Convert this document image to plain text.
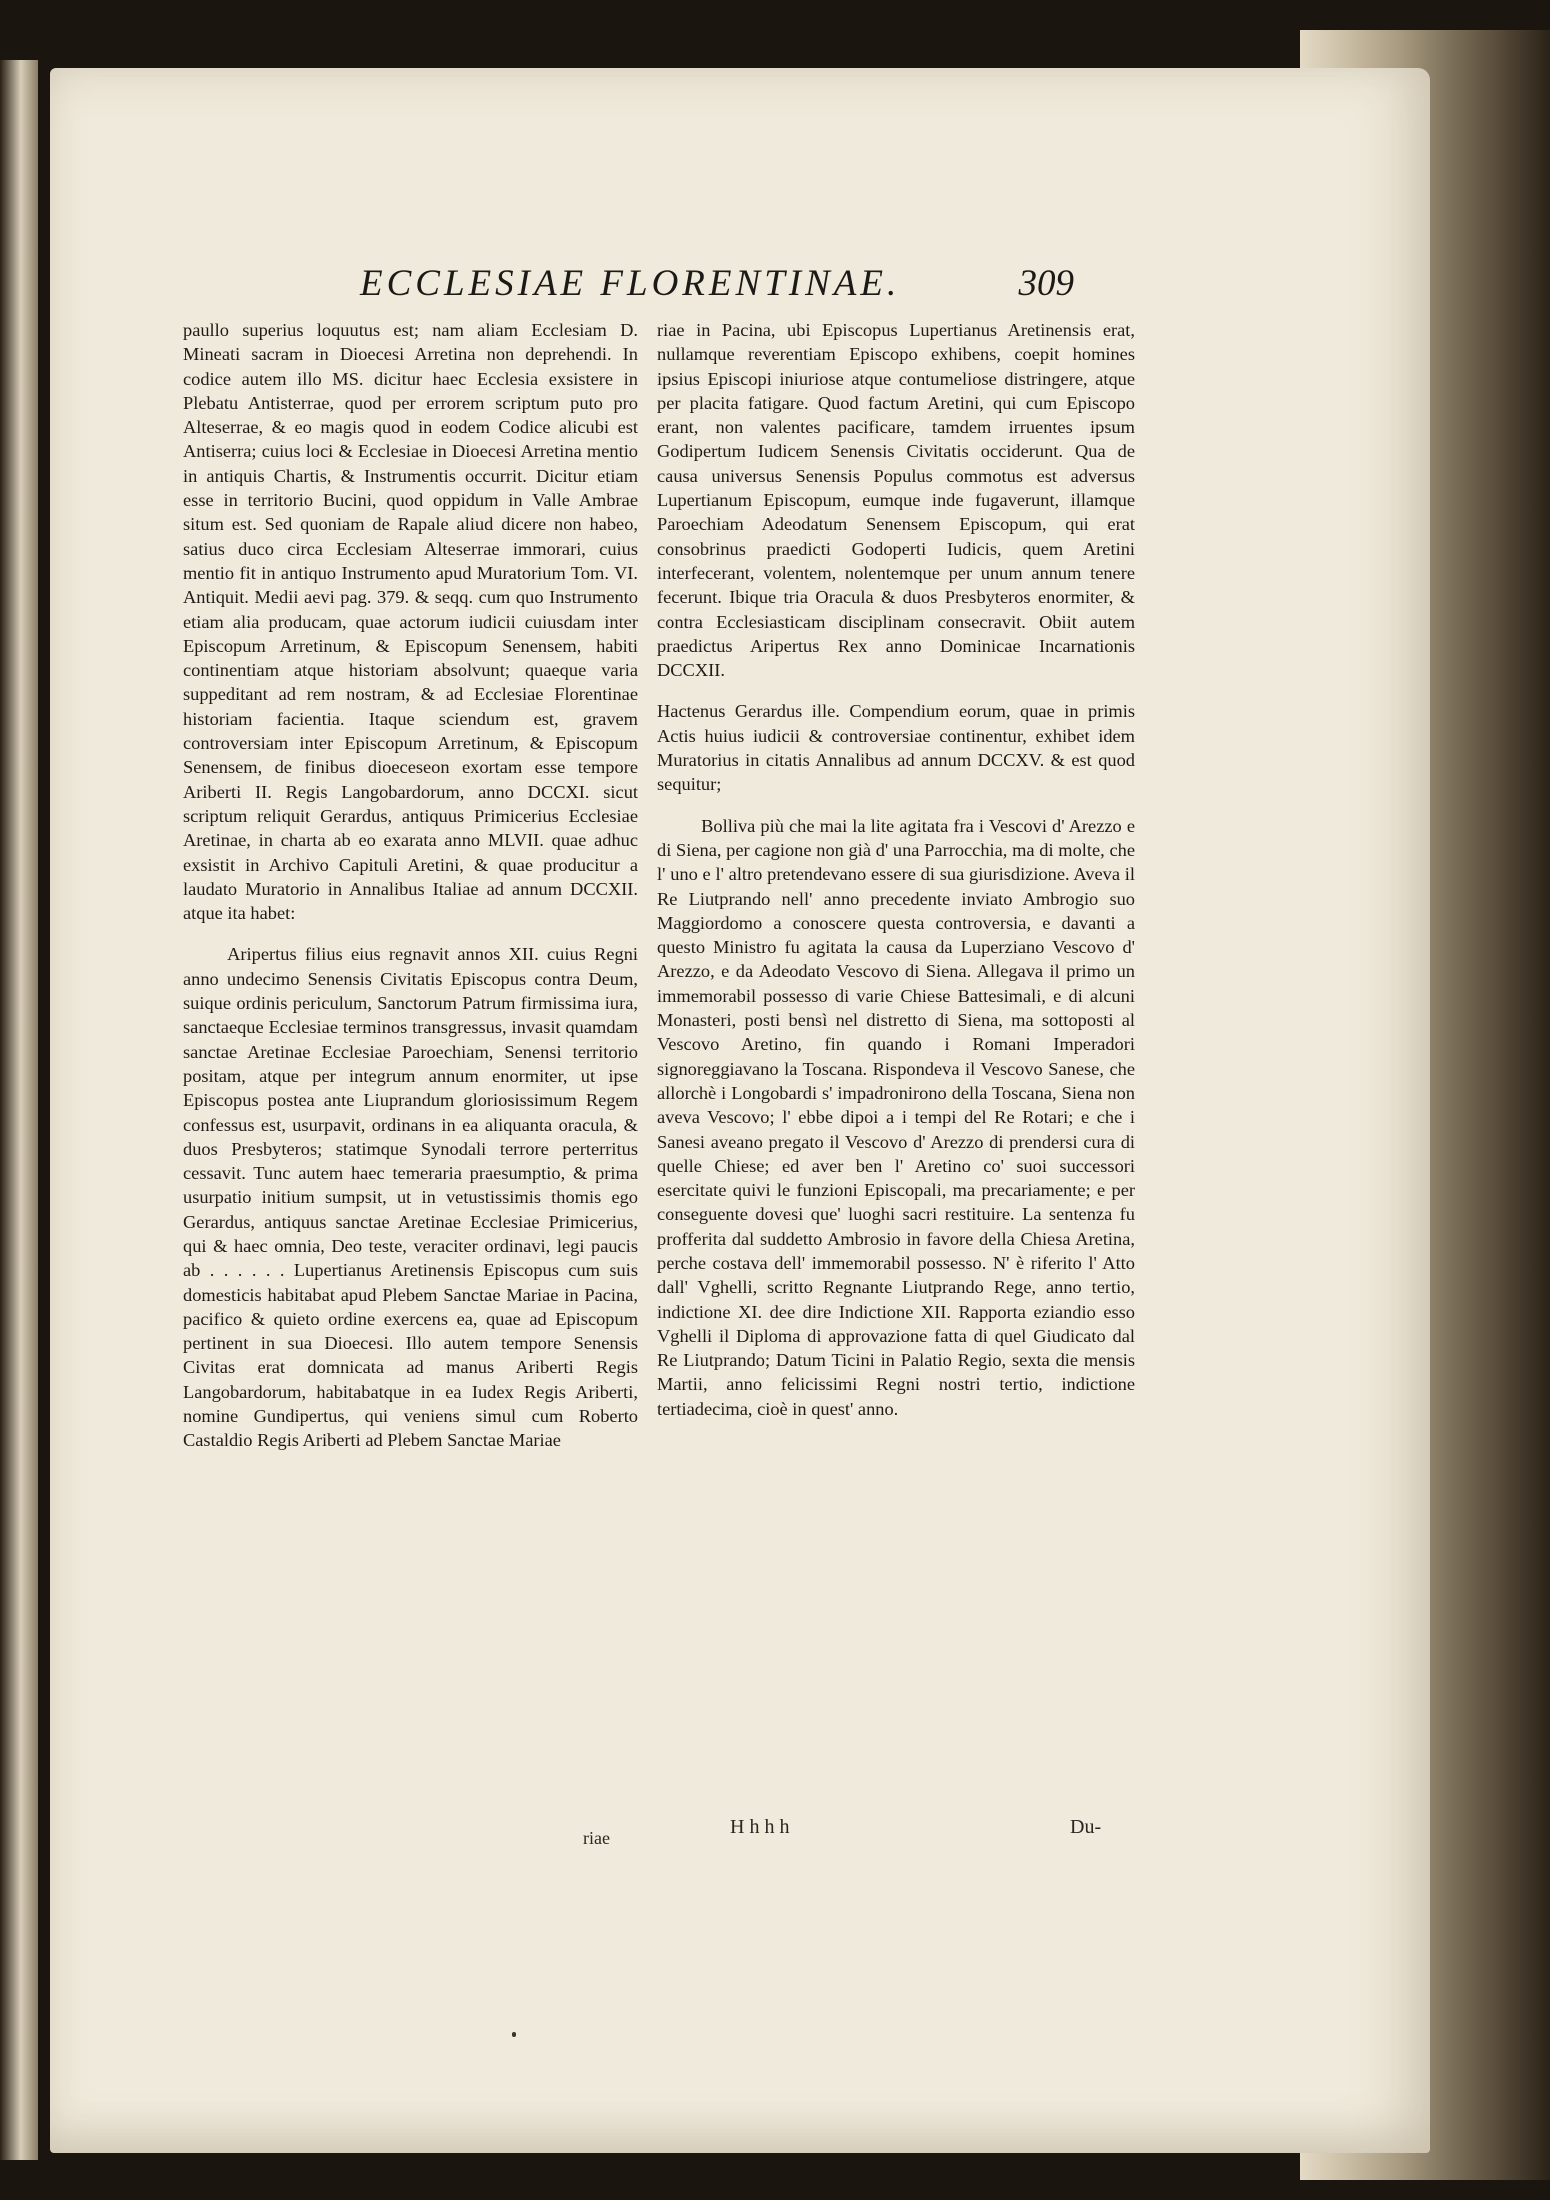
ECCLESIAE FLORENTINAE.	309

paullo superius loquutus est; nam aliam Ecclesiam D. Mineati sacram in Dioecesi Arretina non deprehendi. In codice autem illo MS. dicitur haec Ecclesia exsistere in Plebatu Antisterrae, quod per errorem scriptum puto pro Alteserrae, & eo magis quod in eodem Codice alicubi est Antiserra; cuius loci & Ecclesiae in Dioecesi Arretina mentio in antiquis Chartis, & Instrumentis occurrit. Dicitur etiam esse in territorio Bucini, quod oppidum in Valle Ambrae situm est. Sed quoniam de Rapale aliud dicere non habeo, satius duco circa Ecclesiam Alteserrae immorari, cuius mentio fit in antiquo Instrumento apud Muratorium Tom. VI. Antiquit. Medii aevi pag. 379. & seqq. cum quo Instrumento etiam alia producam, quae actorum iudicii cuiusdam inter Episcopum Arretinum, & Episcopum Senensem, habiti continentiam atque historiam absolvunt; quaeque varia suppeditant ad rem nostram, & ad Ecclesiae Florentinae historiam facientia. Itaque sciendum est, gravem controversiam inter Episcopum Arretinum, & Episcopum Senensem, de finibus dioeceseon exortam esse tempore Ariberti II. Regis Langobardorum, anno DCCXI. sicut scriptum reliquit Gerardus, antiquus Primicerius Ecclesiae Aretinae, in charta ab eo exarata anno MLVII. quae adhuc exsistit in Archivo Capituli Aretini, & quae producitur a laudato Muratorio in Annalibus Italiae ad annum DCCXII. atque ita habet:

Aripertus filius eius regnavit annos XII. cuius Regni anno undecimo Senensis Civitatis Episcopus contra Deum, suique ordinis periculum, Sanctorum Patrum firmissima iura, sanctaeque Ecclesiae terminos transgressus, invasit quamdam sanctae Aretinae Ecclesiae Paroechiam, Senensi territorio positam, atque per integrum annum enormiter, ut ipse Episcopus postea ante Liuprandum gloriosissimum Regem confessus est, usurpavit, ordinans in ea aliquanta oracula, & duos Presbyteros; statimque Synodali terrore perterritus cessavit. Tunc autem haec temeraria praesumptio, & prima usurpatio initium sumpsit, ut in vetustissimis thomis ego Gerardus, antiquus sanctae Aretinae Ecclesiae Primicerius, qui & haec omnia, Deo teste, veraciter ordinavi, legi paucis ab . . . . . . Lupertianus Aretinensis Episcopus cum suis domesticis habitabat apud Plebem Sanctae Mariae in Pacina, pacifico & quieto ordine exercens ea, quae ad Episcopum pertinent in sua Dioecesi. Illo autem tempore Senensis Civitas erat domnicata ad manus Ariberti Regis Langobardorum, habitabatque in ea Iudex Regis Ariberti, nomine Gundipertus, qui veniens simul cum Roberto Castaldio Regis Ariberti ad Plebem Sanctae Mariae

riae in Pacina, ubi Episcopus Lupertianus Aretinensis erat, nullamque reverentiam Episcopo exhibens, coepit homines ipsius Episcopi iniuriose atque contumeliose distringere, atque per placita fatigare. Quod factum Aretini, qui cum Episcopo erant, non valentes pacificare, tamdem irruentes ipsum Godipertum Iudicem Senensis Civitatis occiderunt. Qua de causa universus Senensis Populus commotus est adversus Lupertianum Episcopum, eumque inde fugaverunt, illamque Paroechiam Adeodatum Senensem Episcopum, qui erat consobrinus praedicti Godoperti Iudicis, quem Aretini interfecerant, volentem, nolentemque per unum annum tenere fecerunt. Ibique tria Oracula & duos Presbyteros enormiter, & contra Ecclesiasticam disciplinam consecravit. Obiit autem praedictus Aripertus Rex anno Dominicae Incarnationis DCCXII.

Hactenus Gerardus ille. Compendium eorum, quae in primis Actis huius iudicii & controversiae continentur, exhibet idem Muratorius in citatis Annalibus ad annum DCCXV. & est quod sequitur;

Bolliva più che mai la lite agitata fra i Vescovi d' Arezzo e di Siena, per cagione non già d' una Parrocchia, ma di molte, che l' uno e l' altro pretendevano essere di sua giurisdizione. Aveva il Re Liutprando nell' anno precedente inviato Ambrogio suo Maggiordomo a conoscere questa controversia, e davanti a questo Ministro fu agitata la causa da Luperziano Vescovo d' Arezzo, e da Adeodato Vescovo di Siena. Allegava il primo un immemorabil possesso di varie Chiese Battesimali, e di alcuni Monasteri, posti bensì nel distretto di Siena, ma sottoposti al Vescovo Aretino, fin quando i Romani Imperadori signoreggiavano la Toscana. Rispondeva il Vescovo Sanese, che allorchè i Longobardi s' impadronirono della Toscana, Siena non aveva Vescovo; l' ebbe dipoi a i tempi del Re Rotari; e che i Sanesi aveano pregato il Vescovo d' Arezzo di prendersi cura di quelle Chiese; ed aver ben l' Aretino co' suoi successori esercitate quivi le funzioni Episcopali, ma precariamente; e per conseguente dovesi que' luoghi sacri restituire. La sentenza fu profferita dal suddetto Ambrosio in favore della Chiesa Aretina, perche costava dell' immemorabil possesso. N' è riferito l' Atto dall' Vghelli, scritto Regnante Liutprando Rege, anno tertio, indictione XI. dee dire Indictione XII. Rapporta eziandio esso Vghelli il Diploma di approvazione fatta di quel Giudicato dal Re Liutprando; Datum Ticini in Palatio Regio, sexta die mensis Martii, anno felicissimi Regni nostri tertio, indictione tertiadecima, cioè in quest' anno.

riae	Hhhh	Du-
